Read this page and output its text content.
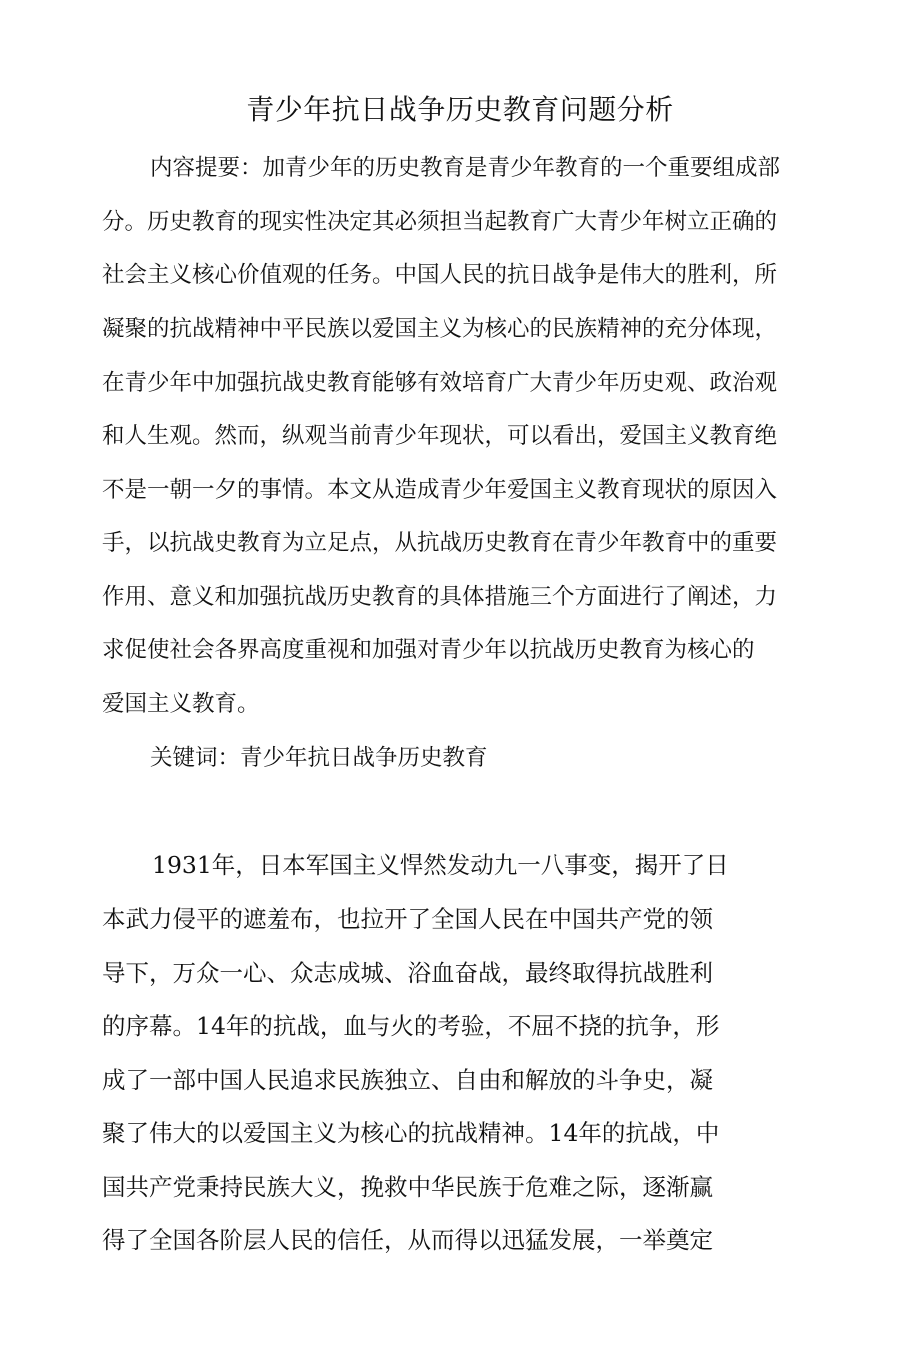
青少年抗日战争历史教育问题分析
内容提要：加青少年的历史教育是青少年教育的一个重要组成部
分。历史教育的现实性决定其必须担当起教育广大青少年树立正确的
社会主义核心价值观的任务。中国人民的抗日战争是伟大的胜利，所
凝聚的抗战精神中平民族以爱国主义为核心的民族精神的充分体现，
在青少年中加强抗战史教育能够有效培育广大青少年历史观、政治观
和人生观。然而，纵观当前青少年现状，可以看出，爱国主义教育绝
不是一朝一夕的事情。本文从造成青少年爱国主义教育现状的原因入
手，以抗战史教育为立足点，从抗战历史教育在青少年教育中的重要
作用、意义和加强抗战历史教育的具体措施三个方面进行了阐述，力
求促使社会各界高度重视和加强对青少年以抗战历史教育为核心的
爱国主义教育。
关键词：青少年抗日战争历史教育
1931年，日本军国主义悍然发动九一八事变，揭开了日
本武力侵平的遮羞布，也拉开了全国人民在中国共产党的领
导下，万众一心、众志成城、浴血奋战，最终取得抗战胜利
的序幕。14年的抗战，血与火的考验，不屈不挠的抗争，形
成了一部中国人民追求民族独立、自由和解放的斗争史，凝
聚了伟大的以爱国主义为核心的抗战精神。14年的抗战，中
国共产党秉持民族大义，挽救中华民族于危难之际，逐渐赢
得了全国各阶层人民的信任，从而得以迅猛发展，一举奠定
